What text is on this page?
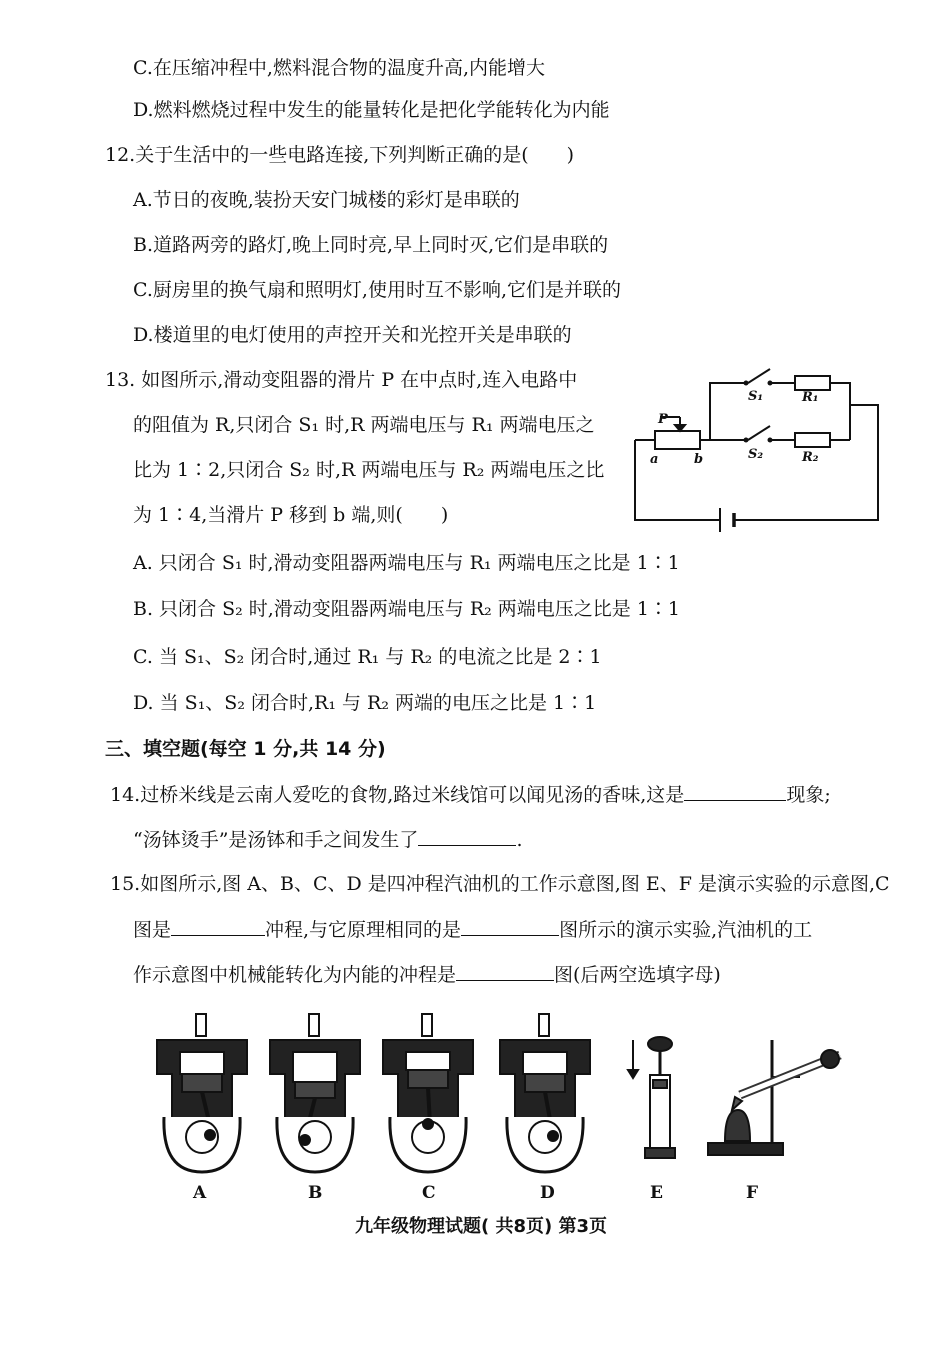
C.在压缩冲程中,燃料混合物的温度升高,内能增大
D.燃料燃烧过程中发生的能量转化是把化学能转化为内能
12.关于生活中的一些电路连接,下列判断正确的是(　　)
A.节日的夜晚,装扮天安门城楼的彩灯是串联的
B.道路两旁的路灯,晚上同时亮,早上同时灭,它们是串联的
C.厨房里的换气扇和照明灯,使用时互不影响,它们是并联的
D.楼道里的电灯使用的声控开关和光控开关是串联的
13. 如图所示,滑动变阻器的滑片 P 在中点时,连入电路中
的阻值为 R,只闭合 S₁ 时,R 两端电压与 R₁ 两端电压之
比为 1∶2,只闭合 S₂ 时,R 两端电压与 R₂ 两端电压之比
为 1∶4,当滑片 P 移到 b 端,则(　　)
P
a	b
S₁	R₁
S₂	R₂
A. 只闭合 S₁ 时,滑动变阻器两端电压与 R₁ 两端电压之比是 1∶1
B. 只闭合 S₂ 时,滑动变阻器两端电压与 R₂ 两端电压之比是 1∶1
C. 当 S₁、S₂ 闭合时,通过 R₁ 与 R₂ 的电流之比是 2∶1
D. 当 S₁、S₂ 闭合时,R₁ 与 R₂ 两端的电压之比是 1∶1
三、填空题(每空 1 分,共 14 分)
14.过桥米线是云南人爱吃的食物,路过米线馆可以闻见汤的香味,这是	现象;
“汤钵烫手”是汤钵和手之间发生了	.
15.如图所示,图 A、B、C、D 是四冲程汽油机的工作示意图,图 E、F 是演示实验的示意图,C
图是	冲程,与它原理相同的是	图所示的演示实验,汽油机的工
作示意图中机械能转化为内能的冲程是	图(后两空选填字母)
A	B	C	D	E	F
九年级物理试题( 共8页) 第3页
